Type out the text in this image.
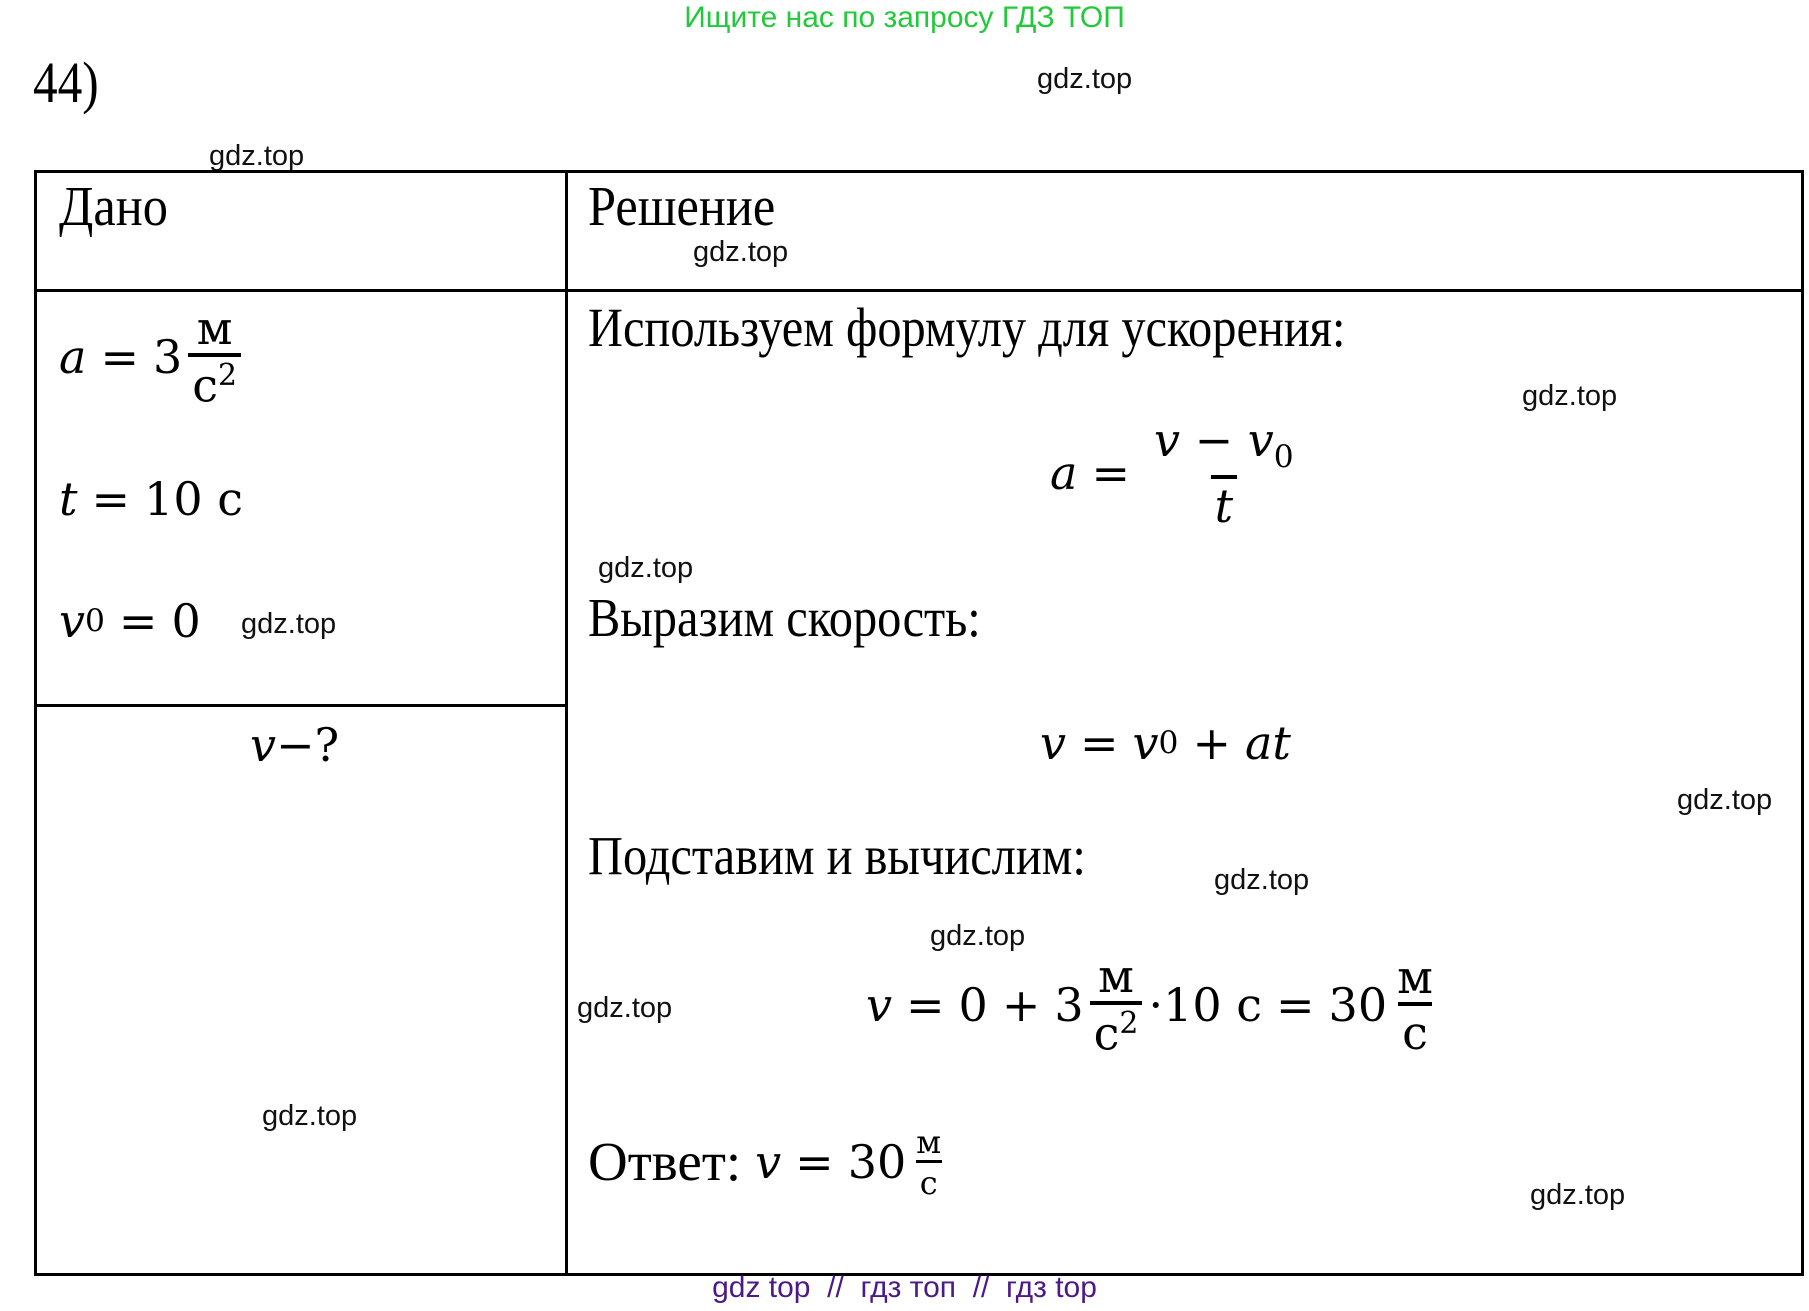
Ищите нас по запросу ГДЗ ТОП
44)	gdz.top
gdz.top
Дано	Решение
gdz.top
$a = 3 \frac{м}{с^2}$
t = 10 с
v 0 = 0 gdz.top
v −?
gdz.top
Используем формулу для ускорения:
gdz.top
$a = \frac{v - v_0}{t}$
gdz.top
Выразим скорость:
v = v 0 + at
gdz.top
Подставим и вычислим:	gdz.top
gdz.top
gdz.top	$v = 0 + 3 \frac{м}{с^2} \cdot 10$ $с = 30 \frac{м}{с}$
Ответ: $v = 30 \frac{м}{с}$	gdz.top
gdz top  //  гдз топ  //  гдз top
